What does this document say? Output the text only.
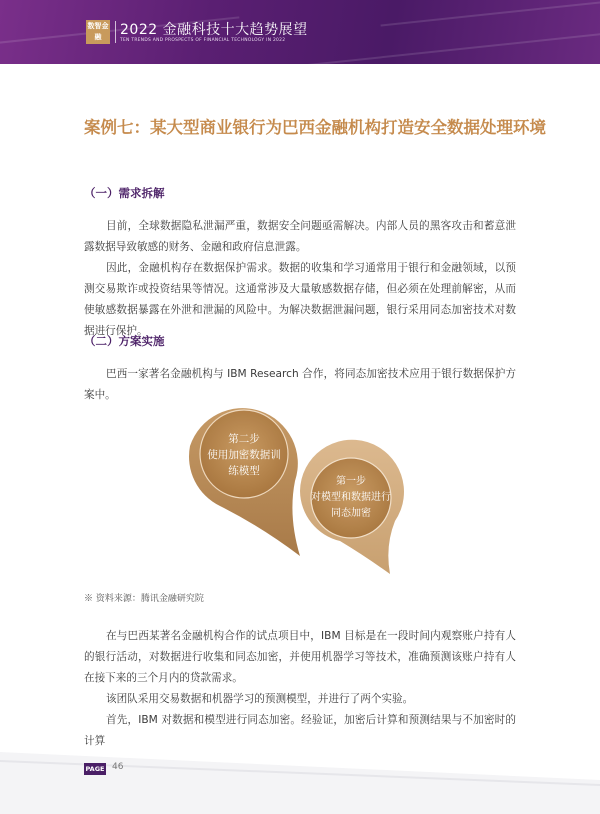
数智金融	2022 金融科技十大趋势展望
TEN TRENDS AND PROSPECTS OF FINANCIAL TECHNOLOGY IN 2022
案例七：某大型商业银行为巴西金融机构打造安全数据处理环境
（一）需求拆解

目前，全球数据隐私泄漏严重，数据安全问题亟需解决。内部人员的黑客攻击和蓄意泄露数据导致敏感的财务、金融和政府信息泄露。

因此，金融机构存在数据保护需求。数据的收集和学习通常用于银行和金融领域，以预测交易欺诈或投资结果等情况。这通常涉及大量敏感数据存储，但必须在处理前解密，从而使敏感数据暴露在外泄和泄漏的风险中。为解决数据泄漏问题，银行采用同态加密技术对数据进行保护。

（二）方案实施

巴西一家著名金融机构与 IBM Research 合作，将同态加密技术应用于银行数据保护方案中。

第二步
使用加密数据训
练模型
第一步
对模型和数据进行
同态加密
※ 资料来源：腾讯金融研究院

在与巴西某著名金融机构合作的试点项目中，IBM 目标是在一段时间内观察账户持有人的银行活动，对数据进行收集和同态加密，并使用机器学习等技术，准确预测该账户持有人在接下来的三个月内的贷款需求。

该团队采用交易数据和机器学习的预测模型，并进行了两个实验。

首先，IBM 对数据和模型进行同态加密。经验证，加密后计算和预测结果与不加密时的计算

PAGE 46
